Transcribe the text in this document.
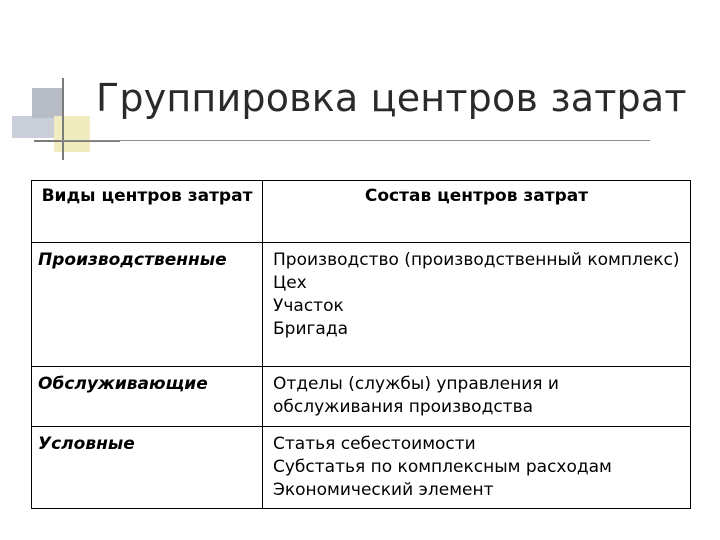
Группировка центров затрат
Виды центров затрат	Состав центров затрат
Производственные	Производство (производственный комплекс)
Цех
Участок
Бригада

Обслуживающие	Отделы (службы) управления и обслуживания производства

Условные	Статья себестоимости
Субстатья по комплексным расходам
Экономический элемент
